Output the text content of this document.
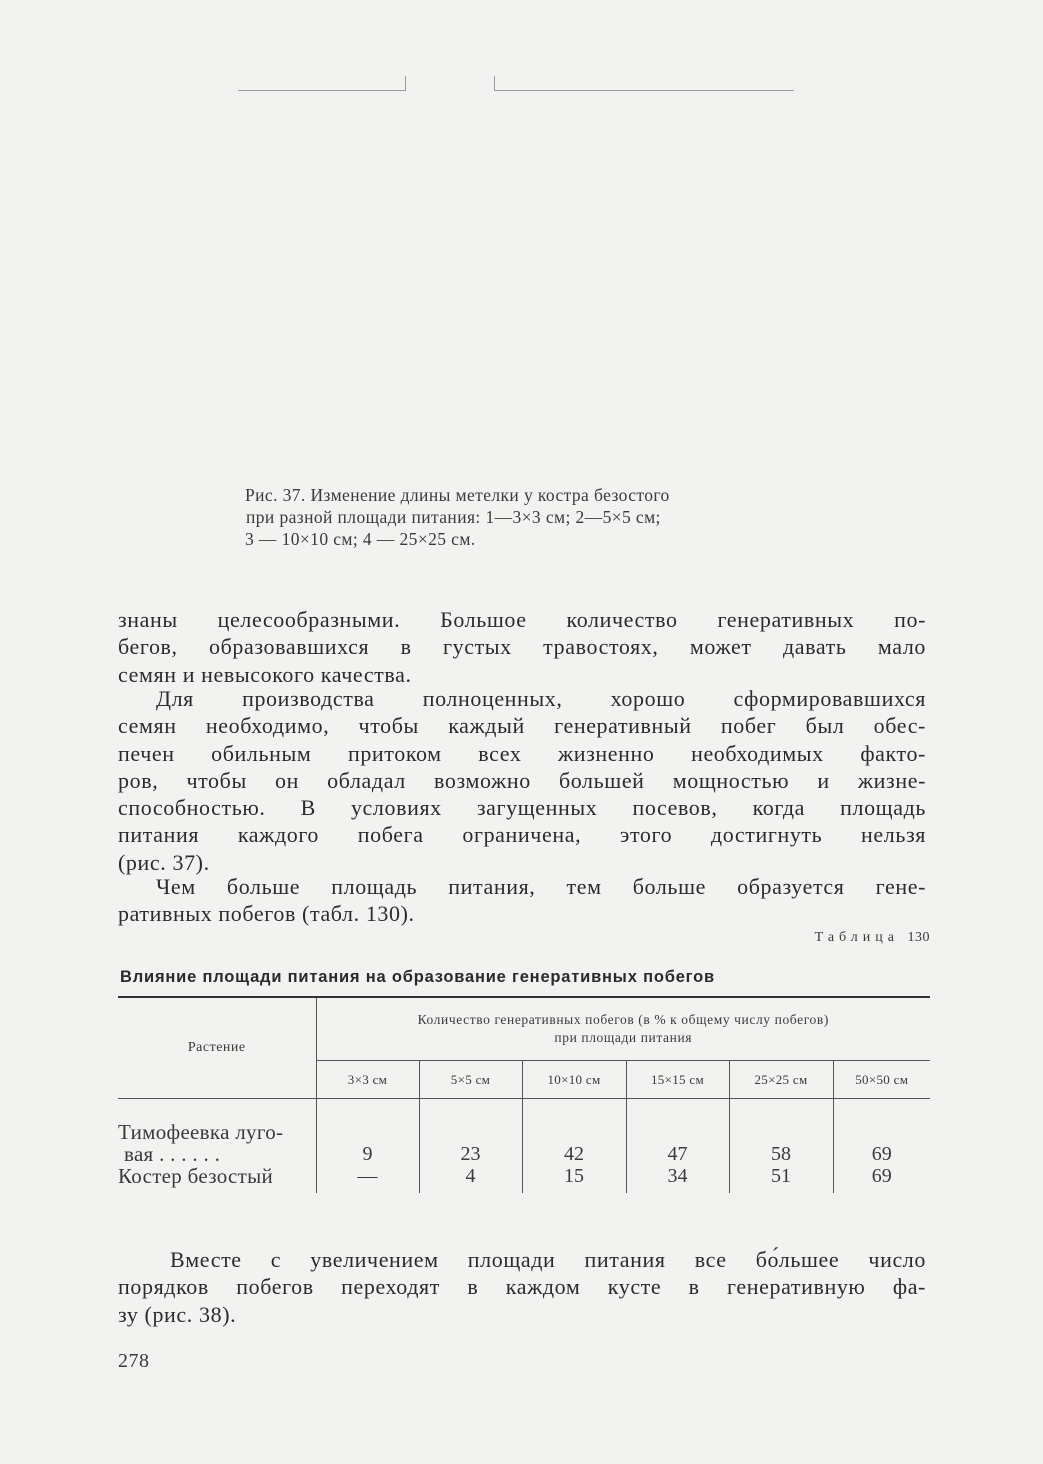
Рис. 37. Изменение длины метелки у костра безостого
при разной площади питания: 1—3×3 см; 2—5×5 см;
3 — 10×10 см; 4 — 25×25 см.
знаны целесообразными. Большое количество генеративных по-
бегов, образовавшихся в густых травостоях, может давать мало
семян и невысокого качества.
Для производства полноценных, хорошо сформировавшихся
семян необходимо, чтобы каждый генеративный побег был обес-
печен обильным притоком всех жизненно необходимых факто-
ров, чтобы он обладал возможно большей мощностью и жизне-
способностью. В условиях загущенных посевов, когда площадь
питания каждого побега ограничена, этого достигнуть нельзя
(рис. 37).
Чем больше площадь питания, тем больше образуется гене-
ративных побегов (табл. 130).
Таблица 130
Влияние площади питания на образование генеративных побегов

Растение	Количество генеративных побегов (в % к общему числу побегов)
при площади питания					

	3×3 см	5×5 см	10×10 см	15×15 см	25×25 см	50×50 см

Тимофеевка луго-
вая . . . . . .	9	23	42	47	58	69
Костер безостый	—	4	15	34	51	69

Вместе с увеличением площади питания все бо́льшее число
порядков побегов переходят в каждом кусте в генеративную фа-
зу (рис. 38).
278
